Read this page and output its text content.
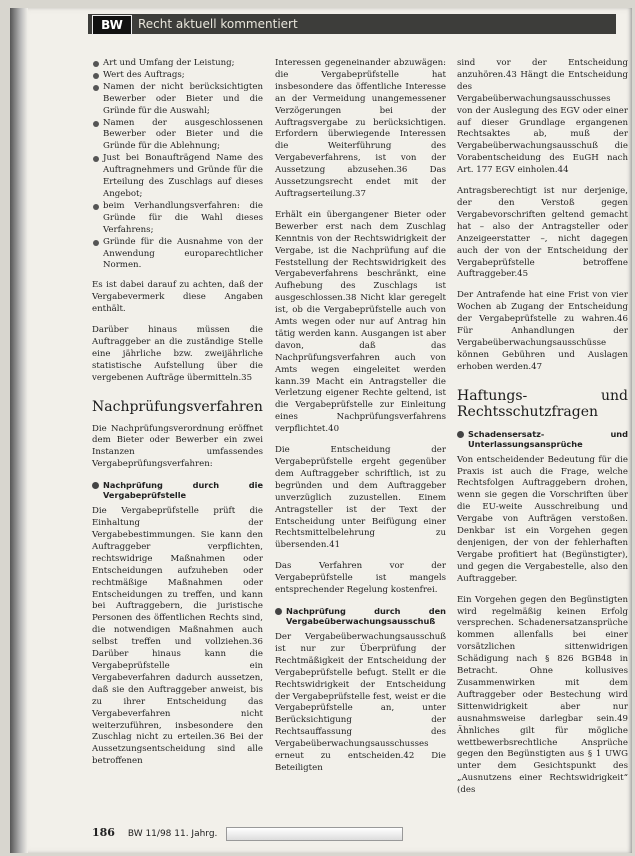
Recht aktuell kommentiert
BW
Art und Umfang der Leistung;
Wert des Auftrags;
Namen der nicht berücksichtigten Bewerber oder Bieter und die Gründe für die Auswahl;
Namen der ausgeschlossenen Bewerber oder Bieter und die Gründe für die Ablehnung;
Just bei Bonaufträgend Name des Auftragnehmers und Gründe für die Erteilung des Zuschlags auf dieses Angebot;
beim Verhandlungsverfahren: die Gründe für die Wahl dieses Verfahrens;
Gründe für die Ausnahme von der Anwendung europarechtlicher Normen.

Es ist dabei darauf zu achten, daß der Vergabevermerk diese Angaben enthält.

Darüber hinaus müssen die Auftraggeber an die zuständige Stelle eine jährliche bzw. zweijährliche statistische Aufstellung über die vergebenen Aufträge übermitteln.35

Nachprüfungsverfahren

Die Nachprüfungsverordnung eröffnet dem Bieter oder Bewerber ein zwei Instanzen umfassendes Vergabeprüfungsverfahren:

Nachprüfung durch die Vergabeprüfstelle

Die Vergabeprüfstelle prüft die Einhaltung der Vergabebestimmungen. Sie kann den Auftraggeber verpflichten, rechtswidrige Maßnahmen oder Entscheidungen aufzuheben oder rechtmäßige Maßnahmen oder Entscheidungen zu treffen, und kann bei Auftraggebern, die juristische Personen des öffentlichen Rechts sind, die notwendigen Maßnahmen auch selbst treffen und vollziehen.36 Darüber hinaus kann die Vergabeprüfstelle ein Vergabeverfahren dadurch aussetzen, daß sie den Auftraggeber anweist, bis zu ihrer Entscheidung das Vergabeverfahren nicht weiterzuführen, insbesondere den Zuschlag nicht zu erteilen.36 Bei der Aussetzungsentscheidung sind alle betroffenen

Interessen gegeneinander abzuwägen: die Vergabeprüfstelle hat insbesondere das öffentliche Interesse an der Vermeidung unangemessener Verzögerungen bei der Auftragsvergabe zu berücksichtigen. Erfordern überwiegende Interessen die Weiterführung des Vergabeverfahrens, ist von der Aussetzung abzusehen.36 Das Aussetzungsrecht endet mit der Auftragserteilung.37

Erhält ein übergangener Bieter oder Bewerber erst nach dem Zuschlag Kenntnis von der Rechtswidrigkeit der Vergabe, ist die Nachprüfung auf die Feststellung der Rechtswidrigkeit des Vergabeverfahrens beschränkt, eine Aufhebung des Zuschlags ist ausgeschlossen.38 Nicht klar geregelt ist, ob die Vergabeprüfstelle auch von Amts wegen oder nur auf Antrag hin tätig werden kann. Ausgangen ist aber davon, daß das Nachprüfungsverfahren auch von Amts wegen eingeleitet werden kann.39 Macht ein Antragsteller die Verletzung eigener Rechte geltend, ist die Vergabeprüfstelle zur Einleitung eines Nachprüfungsverfahrens verpflichtet.40

Die Entscheidung der Vergabeprüfstelle ergeht gegenüber dem Auftraggeber schriftlich, ist zu begründen und dem Auftraggeber unverzüglich zuzustellen. Einem Antragsteller ist der Text der Entscheidung unter Beifügung einer Rechtsmittelbelehrung zu übersenden.41

Das Verfahren vor der Vergabeprüfstelle ist mangels entsprechender Regelung kostenfrei.

Nachprüfung durch den Vergabeüberwachungsausschuß

Der Vergabeüberwachungsausschuß ist nur zur Überprüfung der Rechtmäßigkeit der Entscheidung der Vergabeprüfstelle befugt. Stellt er die Rechtswidrigkeit der Entscheidung der Vergabeprüfstelle fest, weist er die Vergabeprüfstelle an, unter Berücksichtigung der Rechtsauffassung des Vergabeüberwachungsausschusses erneut zu entscheiden.42 Die Beteiligten

sind vor der Entscheidung anzuhören.43 Hängt die Entscheidung des Vergabeüberwachungsausschusses von der Auslegung des EGV oder einer auf dieser Grundlage ergangenen Rechtsaktes ab, muß der Vergabeüberwachungsausschuß die Vorabentscheidung des EuGH nach Art. 177 EGV einholen.44

Antragsberechtigt ist nur derjenige, der den Verstoß gegen Vergabevorschriften geltend gemacht hat – also der Antragsteller oder Anzeigeerstatter –, nicht dagegen auch der von der Entscheidung der Vergabeprüfstelle betroffene Auftraggeber.45

Der Antrafende hat eine Frist von vier Wochen ab Zugang der Entscheidung der Vergabeprüfstelle zu wahren.46 Für Anhandlungen der Vergabeüberwachungsausschüsse können Gebühren und Auslagen erhoben werden.47

Haftungs- und Rechtsschutzfragen
Schadensersatz- und Unterlassungsansprüche

Von entscheidender Bedeutung für die Praxis ist auch die Frage, welche Rechtsfolgen Auftraggebern drohen, wenn sie gegen die Vorschriften über die EU-weite Ausschreibung und Vergabe von Aufträgen verstoßen. Denkbar ist ein Vorgehen gegen denjenigen, der von der fehlerhaften Vergabe profitiert hat (Begünstigter), und gegen die Vergabestelle, also den Auftraggeber.

Ein Vorgehen gegen den Begünstigten wird regelmäßig keinen Erfolg versprechen. Schadenersatzansprüche kommen allenfalls bei einer vorsätzlichen sittenwidrigen Schädigung nach § 826 BGB48 in Betracht. Ohne kollusives Zusammenwirken mit dem Auftraggeber oder Bestechung wird Sittenwidrigkeit aber nur ausnahmsweise darlegbar sein.49 Ähnliches gilt für mögliche wettbewerbsrechtliche Ansprüche gegen den Begünstigten aus § 1 UWG unter dem Gesichtspunkt des „Ausnutzens einer Rechtswidrigkeit“ (des

186 BW 11/98 11. Jahrg.
